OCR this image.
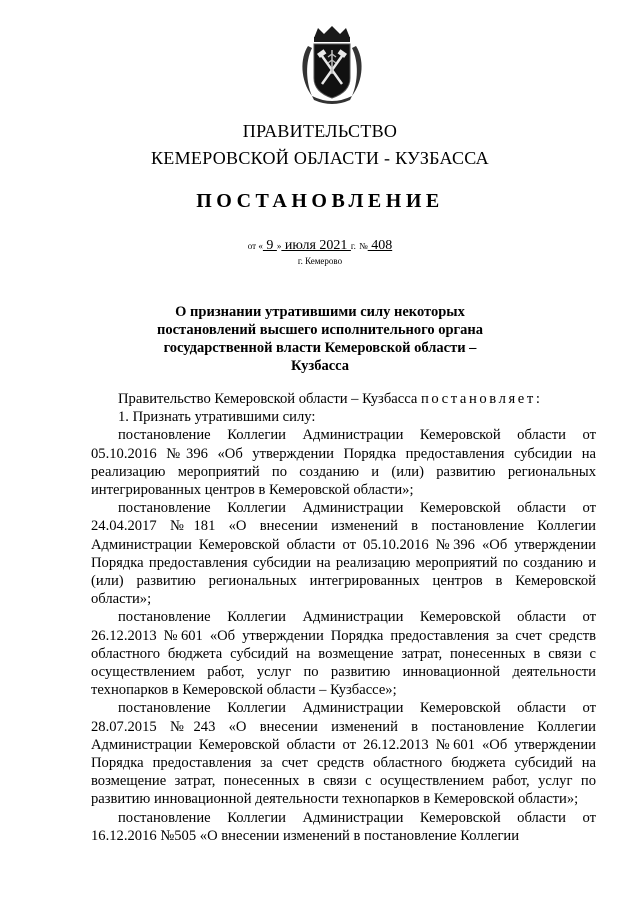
ПРАВИТЕЛЬСТВО
КЕМЕРОВСКОЙ ОБЛАСТИ - КУЗБАССА
ПОСТАНОВЛЕНИЕ
от « 9 » июля 2021 г. № 408
г. Кемерово
О признании утратившими силу некоторых
постановлений высшего исполнительного органа
государственной власти Кемеровской области –
Кузбасса

Правительство Кемеровской области – Кузбасса постановляет:

1. Признать утратившими силу:

постановление Коллегии Администрации Кемеровской области от 05.10.2016 №396 «Об утверждении Порядка предоставления субсидии на реализацию мероприятий по созданию и (или) развитию региональных интегрированных центров в Кемеровской области»;

постановление Коллегии Администрации Кемеровской области от 24.04.2017 №181 «О внесении изменений в постановление Коллегии Администрации Кемеровской области от 05.10.2016 №396 «Об утверждении Порядка предоставления субсидии на реализацию мероприятий по созданию и (или) развитию региональных интегрированных центров в Кемеровской области»;

постановление Коллегии Администрации Кемеровской области от 26.12.2013 №601 «Об утверждении Порядка предоставления за счет средств областного бюджета субсидий на возмещение затрат, понесенных в связи с осуществлением работ, услуг по развитию инновационной деятельности технопарков в Кемеровской области – Кузбассе»;

постановление Коллегии Администрации Кемеровской области от 28.07.2015 №243 «О внесении изменений в постановление Коллегии Администрации Кемеровской области от 26.12.2013 №601 «Об утверждении Порядка предоставления за счет средств областного бюджета субсидий на возмещение затрат, понесенных в связи с осуществлением работ, услуг по развитию инновационной деятельности технопарков в Кемеровской области»;

постановление Коллегии Администрации Кемеровской области от 16.12.2016 №505 «О внесении изменений в постановление Коллегии
